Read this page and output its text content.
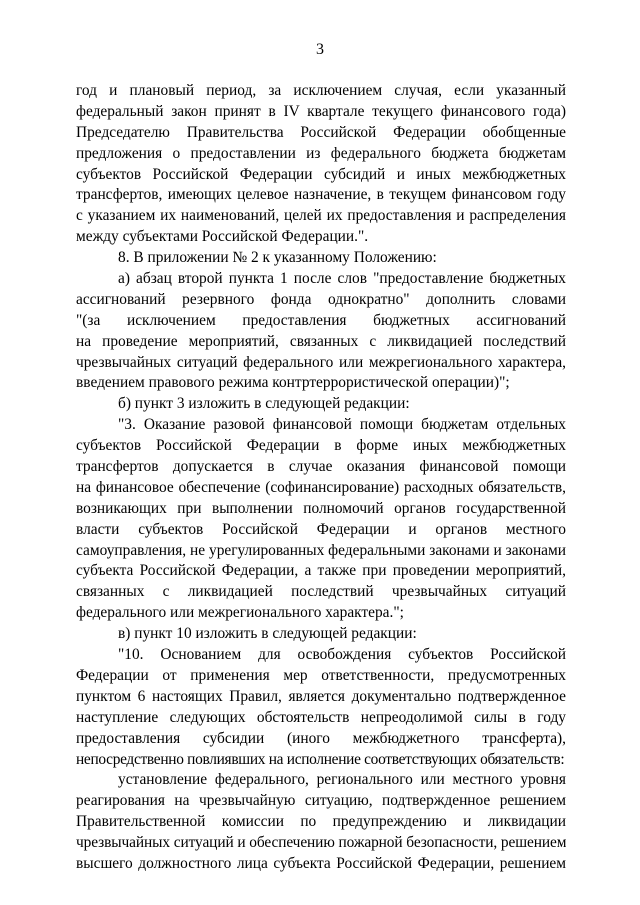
3
год и плановый период, за исключением случая, если указанный
федеральный закон принят в IV квартале текущего финансового года)
Председателю Правительства Российской Федерации обобщенные
предложения о предоставлении из федерального бюджета бюджетам
субъектов Российской Федерации субсидий и иных межбюджетных
трансфертов, имеющих целевое назначение, в текущем финансовом году
с указанием их наименований, целей их предоставления и распределения
между субъектами Российской Федерации.".
8. В приложении № 2 к указанному Положению:
а) абзац второй пункта 1 после слов "предоставление бюджетных
ассигнований резервного фонда однократно" дополнить словами
"(за исключением предоставления бюджетных ассигнований
на проведение мероприятий, связанных с ликвидацией последствий
чрезвычайных ситуаций федерального или межрегионального характера,
введением правового режима контртеррористической операции)";
б) пункт 3 изложить в следующей редакции:
"3. Оказание разовой финансовой помощи бюджетам отдельных
субъектов Российской Федерации в форме иных межбюджетных
трансфертов допускается в случае оказания финансовой помощи
на финансовое обеспечение (софинансирование) расходных обязательств,
возникающих при выполнении полномочий органов государственной
власти субъектов Российской Федерации и органов местного
самоуправления, не урегулированных федеральными законами и законами
субъекта Российской Федерации, а также при проведении мероприятий,
связанных с ликвидацией последствий чрезвычайных ситуаций
федерального или межрегионального характера.";
в) пункт 10 изложить в следующей редакции:
"10. Основанием для освобождения субъектов Российской
Федерации от применения мер ответственности, предусмотренных
пунктом 6 настоящих Правил, является документально подтвержденное
наступление следующих обстоятельств непреодолимой силы в году
предоставления субсидии (иного межбюджетного трансферта),
непосредственно повлиявших на исполнение соответствующих обязательств:
установление федерального, регионального или местного уровня
реагирования на чрезвычайную ситуацию, подтвержденное решением
Правительственной комиссии по предупреждению и ликвидации
чрезвычайных ситуаций и обеспечению пожарной безопасности, решением
высшего должностного лица субъекта Российской Федерации, решением
